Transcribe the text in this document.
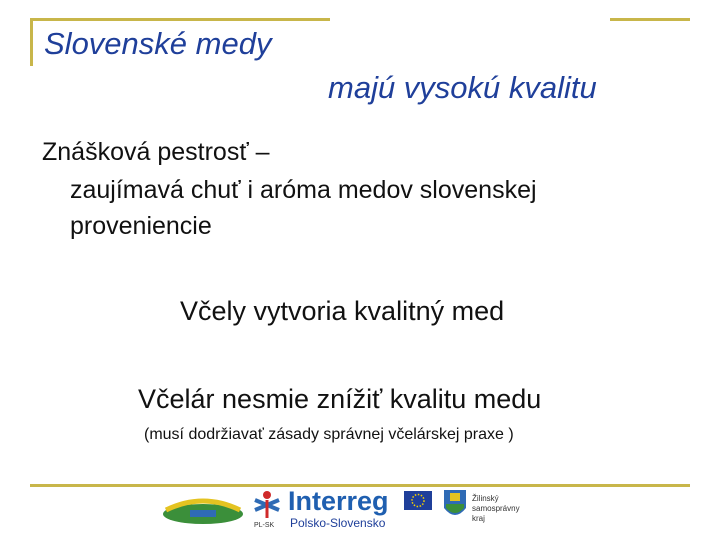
Slovenské medy
majú vysokú kvalitu
Znášková pestrosť –
zaujímavá chuť i aróma medov slovenskej
proveniencie
Včely vytvoria kvalitný med
Včelár nesmie znížiť kvalitu medu
(musí dodržiavať zásady správnej včelárskej praxe )
PL-SK
Interreg
Polsko-Slovensko
Žilinský
samosprávny
kraj
